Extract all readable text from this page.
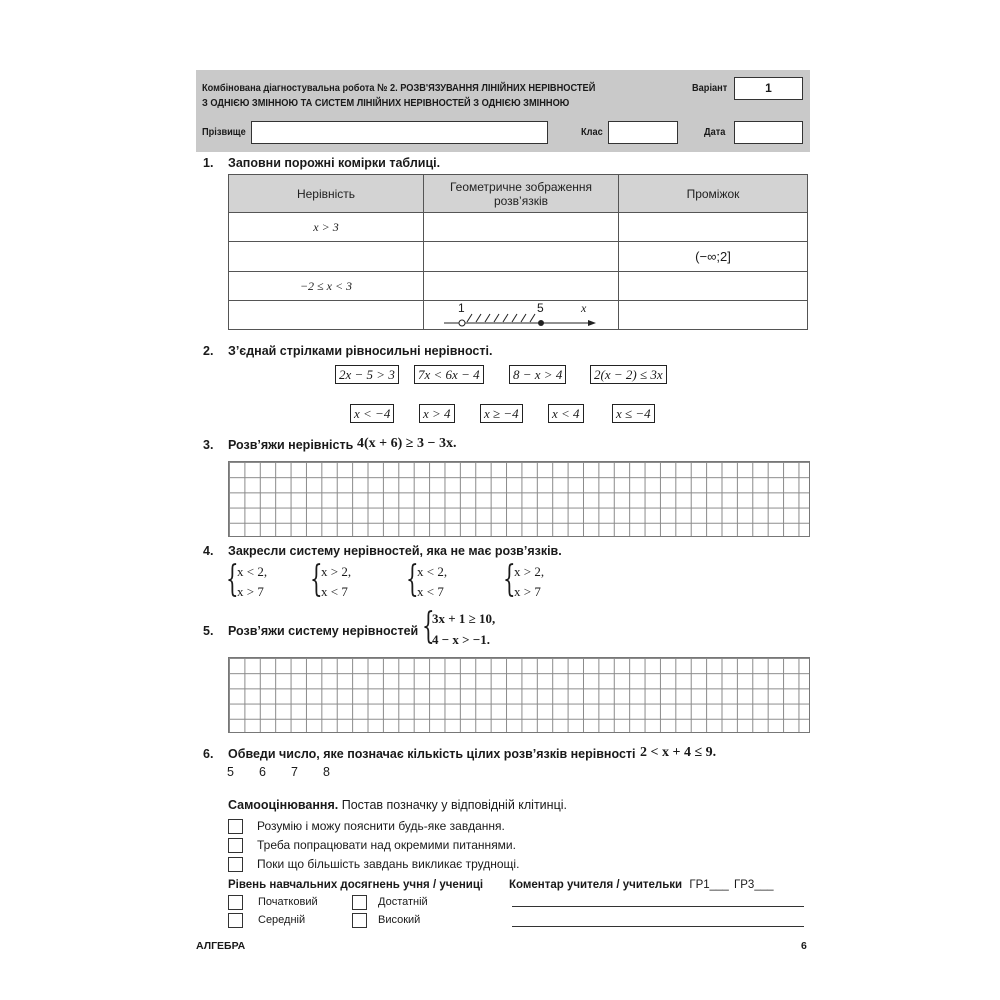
Комбінована діагностувальна робота № 2. РОЗВ'ЯЗУВАННЯ ЛІНІЙНИХ НЕРІВНОСТЕЙ
З ОДНІЄЮ ЗМІННОЮ ТА СИСТЕМ ЛІНІЙНИХ НЕРІВНОСТЕЙ З ОДНІЄЮ ЗМІННОЮ
Варіант	1
Прізвище	Клас	Дата
1. Заповни порожні комірки таблиці.
Нерівність	Геометричне зображення розв’язків	Проміжок
x > 3		
		(−∞;2]
−2 ≤ x < 3		

	1 5 x	

2. З’єднай стрілками рівносильні нерівності.
2x − 5 > 3	7x < 6x − 4	8 − x > 4	2(x − 2) ≤ 3x
x < −4	x > 4	x ≥ −4	x < 4	x ≤ −4
3. Розв’яжи нерівність 4(x + 6) ≥ 3 − 3x.
4. Закресли систему нерівностей, яка не має розв’язків.
{
x < 2,
x > 7 {
x > 2,
x < 7 {
x < 2,
x < 7 {
x > 2,
x > 7
5. Розв’яжи систему нерівностей {
3x + 1 ≥ 10,
4 − x > −1.
6. Обведи число, яке позначає кількість цілих розв’язків нерівності 2 < x + 4 ≤ 9.
5 6 7 8
Самооцінювання. Постав позначку у відповідній клітинці.
Розумію і можу пояснити будь-яке завдання.
Треба попрацювати над окремими питаннями.
Поки що більшість завдань викликає труднощі.
Рівень навчальних досягнень учня / учениці
Початковий	Достатній
Середній	Високий
Коментар учителя / учительки ГР1___ ГР3___
АЛГЕБРА	6
